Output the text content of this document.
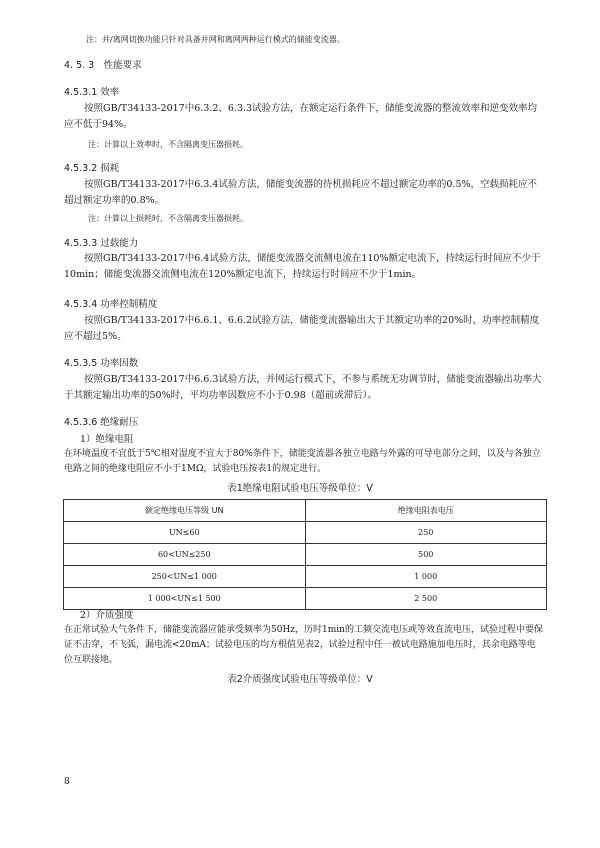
注：并/离网切换功能只针对具备并网和离网两种运行模式的储能变流器。
4. 5. 3　性能要求
4.5.3.1 效率
按照GB/T34133-2017中6.3.2、6.3.3试验方法，在额定运行条件下，储能变流器的整流效率和逆变效率均应不低于94%。
注：计算以上效率时，不含隔离变压器损耗。
4.5.3.2 损耗
按照GB/T34133-2017中6.3.4试验方法，储能变流器的待机损耗应不超过额定功率的0.5%，空载损耗应不超过额定功率的0.8%。
注：计算以上损耗时，不含隔离变压器损耗。
4.5.3.3 过载能力
按照GB/T34133-2017中6.4试验方法，储能变流器交流侧电流在110%额定电流下，持续运行时间应不少于10min；储能变流器交流侧电流在120%额定电流下，持续运行时间应不少于1min。
4.5.3.4 功率控制精度
按照GB/T34133-2017中6.6.1、6.6.2试验方法，储能变流器输出大于其额定功率的20%时，功率控制精度应不超过5%。
4.5.3.5 功率因数
按照GB/T34133-2017中6.6.3试验方法，并网运行模式下，不参与系统无功调节时，储能变流器输出功率大于其额定输出功率的50%时，平均功率因数应不小于0.98（超前或滞后）。
4.5.3.6 绝缘耐压
1）绝缘电阻
在环境温度不宜低于5℃相对湿度不宜大于80%条件下，储能变流器各独立电路与外露的可导电部分之间，以及与各独立电路之间的绝缘电阻应不小于1MΩ，试验电压按表1的规定进行。
表1绝缘电阻试验电压等级单位：V
额定绝缘电压等级 UN	绝缘电阻表电压
UN≤60	250
60<UN≤250	500
250<UN≤1 000	1 000
1 000<UN≤1 500	2 500
2）介质强度
在正常试验大气条件下，储能变流器应能承受频率为50Hz，历时1min的工频交流电压或等效直流电压，试验过程中要保证不击穿，不飞弧，漏电流<20mA；试验电压的均方根值见表2，试验过程中任一被试电路施加电压时，其余电路等电位互联接地。
表2介质强度试验电压等级单位：V
8
